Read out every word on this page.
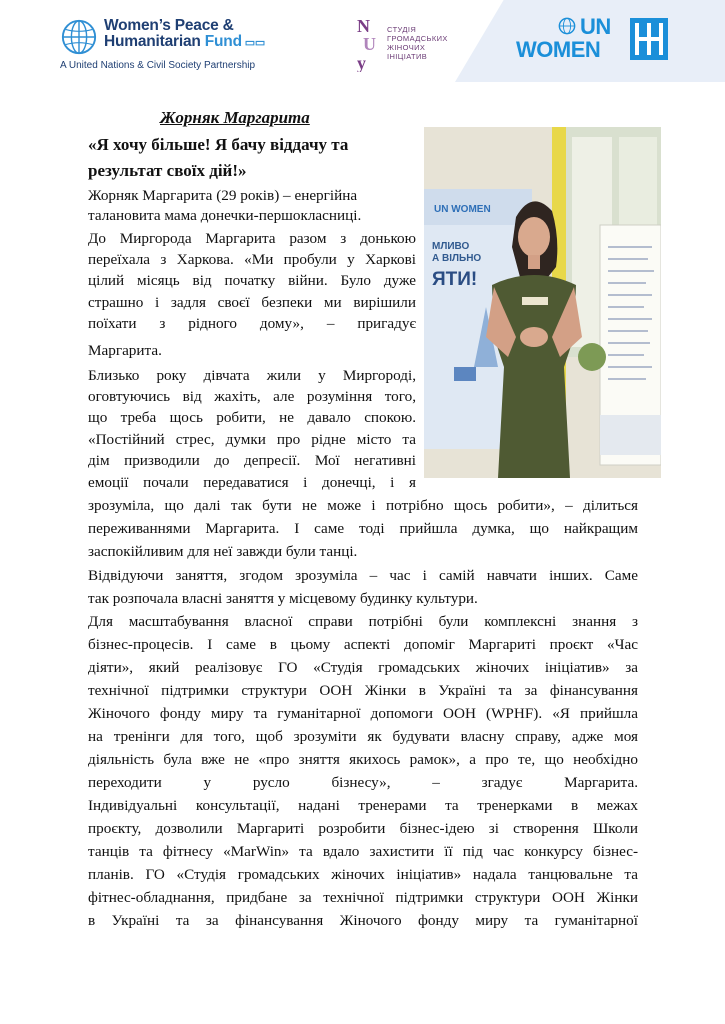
Women’s Peace &
Humanitarian Fund ▭▭
A United Nations & Civil Society Partnership
N
U
y
СТУДІЯ
ГРОМАДСЬКИХ
ЖІНОЧИХ
ІНІЦІАТИВ
UN
WOMEN
Жорняк Маргарита
«Я хочу більше! Я бачу віддачу та
результат своїх дій!»
UN WOMEN
МЛИВО
А ВІЛЬНО
ЯТИ!
Жорняк Маргарита (29 років) – енергійна
талановита мама донечки-першокласниці.
До Миргорода Маргарита разом з донькою
переїхала з Харкова. «Ми пробули у Харкові
цілий місяць від початку війни. Було дуже
страшно і задля своєї безпеки ми вирішили
поїхати з рідного дому», – пригадує
Маргарита.
Близько року дівчата жили у Миргороді,
оговтуючись від жахіть, але розуміння того,
що треба щось робити, не давало спокою.
«Постійний стрес, думки про рідне місто та
дім призводили до депресії. Мої негативні
емоції почали передаватися і донечці, і я
зрозуміла, що далі так бути не може і потрібно щось робити», – ділиться
переживаннями Маргарита. І саме тоді прийшла думка, що найкращим
заспокійливим для неї завжди були танці.
Відвідуючи заняття, згодом зрозуміла – час і самій навчати інших. Саме
так розпочала власні заняття у місцевому будинку культури.
Для масштабування власної справи потрібні були комплексні знання з
бізнес-процесів. І саме в цьому аспекті допоміг Маргариті проєкт «Час
діяти», який реалізовує ГО «Студія громадських жіночих ініціатив» за
технічної підтримки структури ООН Жінки в Україні та за фінансування
Жіночого фонду миру та гуманітарної допомоги ООН (WPHF). «Я прийшла
на тренінги для того, щоб зрозуміти як будувати власну справу, адже моя
діяльність була вже не «про зняття якихось рамок», а про те, що необхідно
переходити у русло бізнесу», – згадує Маргарита.
Індивідуальні консультації, надані тренерами та тренерками в межах
проєкту, дозволили Маргариті розробити бізнес-ідею зі створення Школи
танців та фітнесу «MarWin» та вдало захистити її під час конкурсу бізнес-
планів. ГО «Студія громадських жіночих ініціатив» надала танцювальне та
фітнес-обладнання, придбане за технічної підтримки структури ООН Жінки
в Україні та за фінансування Жіночого фонду миру та гуманітарної
